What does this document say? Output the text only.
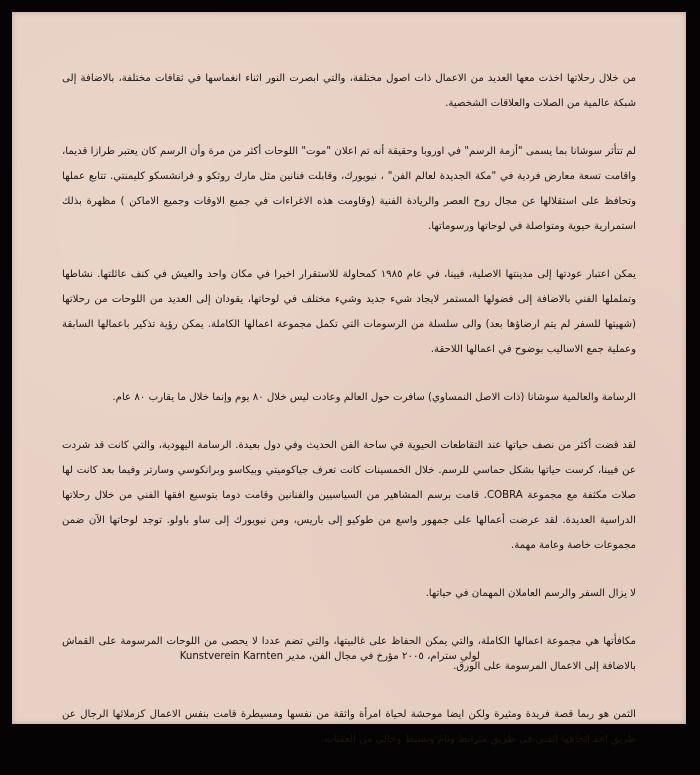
من خلال رحلاتها اخذت معها العديد من الاعمال ذات اصول مختلفة، والتي ابصرت النور اثناء انغماسها في ثقافات مختلفة، بالاضافة إلى شبكة عالمية من الصلات والعلاقات الشخصية.

لم تتأثر سوشانا بما يسمى "أزمة الرسم" في اوروبا وحقيقة أنه تم اعلان "موت" اللوحات أكثر من مرة وأن الرسم كان يعتبر طرازا قديما، واقامت تسعة معارض فردية في "مكة الجديدة لعالم الفن" ، نيويورك، وقابلت فنانين مثل مارك روثكو و فرانشسكو كليمنتي. تتابع عملها وتحافظ على استقلالها عن مجال روح العصر والريادة الفنية (وقاومت هذه الاغراءات في جميع الاوقات وجميع الاماكن ) مظهرة بذلك استمرارية حيوية ومتواصلة في لوحاتها ورسوماتها.

يمكن اعتبار عودتها إلى مدينتها الاصلية، فيينا، في عام ١٩٨٥ كمحاولة للاستقرار اخيرا في مكان واحد والعيش في كنف عائلتها. نشاطها وتململها الفني بالاضافة إلى فضولها المستمر لايجاد شيء جديد وشيء مختلف في لوحاتها، يقودان إلى العديد من اللوحات من رحلاتها (شهيتها للسفر لم يتم ارضاؤها بعد) والى سلسلة من الرسومات التي تكمل مجموعة اعمالها الكاملة. يمكن رؤية تذكير باعمالها السابقة وعملية جمع الاساليب بوضوح في اعمالها اللاحقة.

الرسامة والعالمية سوشانا (ذات الاصل النمساوي) سافرت حول العالم وعادت ليس خلال ٨٠ يوم وإنما خلال ما يقارب ٨٠ عام.

لقد قضت أكثر من نصف حياتها عند التقاطعات الحيوية في ساحة الفن الحديث وفي دول بعيدة. الرسامة اليهودية، والتي كانت قد شردت عن فيينا، كرست حياتها بشكل حماسي للرسم. خلال الخمسينات كانت تعرف جياكوميتي وبيكاسو وبرانكوسي وسارتر وفيما بعد كانت لها صلات مكثفة مع مجموعة COBRA. قامت برسم المشاهير من السياسيين والفنانين وقامت دوما بتوسيع افقها الفني من خلال رحلاتها الدراسية العديدة. لقد عرضت أعمالها على جمهور واسع من طوكيو إلى باريس، ومن نيويورك إلى ساو باولو. توجد لوحاتها الآن ضمن مجموعات خاصة وعامة مهمة.

لا يزال السفر والرسم العاملان المهمان في حياتها.

مكافأتها هي مجموعة اعمالها الكاملة، والتي يمكن الحفاظ على غالبيتها، والتي تضم عددا لا يحصى من اللوحات المرسومة على القماش بالاضافة إلى الاعمال المرسومة على الورق.

الثمن هو ربما قصة فريدة ومثيرة ولكن ايضا موحشة لحياة امرأة واثقة من نفسها ومسيطرة قامت بنفس الاعمال كزملائها الرجال عن طريق اخذ اتجاهها الفني في طريق مترابط وتامّ وبسيط وخالي من العقبات.

لولي سترام، ٢٠٠٥ مؤرخ في مجال الفن، مدير Kunstverein Karnten
